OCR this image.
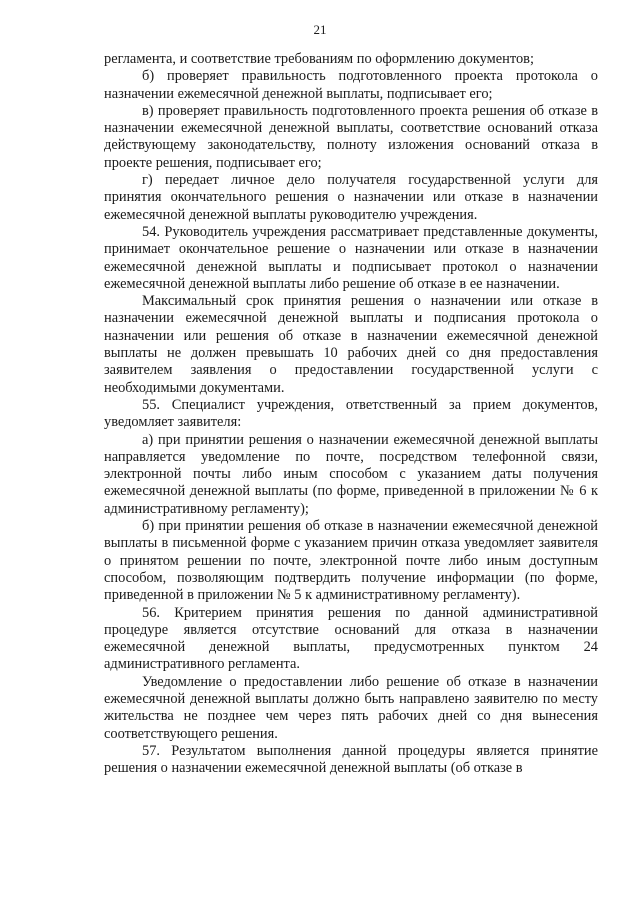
21

регламента, и соответствие требованиям по оформлению документов;

б) проверяет правильность подготовленного проекта протокола о назначении ежемесячной денежной выплаты, подписывает его;

в) проверяет правильность подготовленного проекта решения об отказе в назначении ежемесячной денежной выплаты, соответствие оснований отказа действующему законодательству, полноту изложения оснований отказа в проекте решения, подписывает его;

г) передает личное дело получателя государственной услуги для принятия окончательного решения о назначении или отказе в назначении ежемесячной денежной выплаты руководителю учреждения.

54. Руководитель учреждения рассматривает представленные документы, принимает окончательное решение о назначении или отказе в назначении ежемесячной денежной выплаты и подписывает протокол о назначении ежемесячной денежной выплаты либо решение об отказе в ее назначении.

Максимальный срок принятия решения о назначении или отказе в назначении ежемесячной денежной выплаты и подписания протокола о назначении или решения об отказе в назначении ежемесячной денежной выплаты не должен превышать 10 рабочих дней со дня предоставления заявителем заявления о предоставлении государственной услуги с необходимыми документами.

55. Специалист учреждения, ответственный за прием документов, уведомляет заявителя:

а) при принятии решения о назначении ежемесячной денежной выплаты направляется уведомление по почте, посредством телефонной связи, электронной почты либо иным способом с указанием даты получения ежемесячной денежной выплаты (по форме, приведенной в приложении № 6 к административному регламенту);

б) при принятии решения об отказе в назначении ежемесячной денежной выплаты в письменной форме с указанием причин отказа уведомляет заявителя о принятом решении по почте, электронной почте либо иным доступным способом, позволяющим подтвердить получение информации (по форме, приведенной в приложении № 5 к административному регламенту).

56. Критерием принятия решения по данной административной процедуре является отсутствие оснований для отказа в назначении ежемесячной денежной выплаты, предусмотренных пунктом 24 административного регламента.

Уведомление о предоставлении либо решение об отказе в назначении ежемесячной денежной выплаты должно быть направлено заявителю по месту жительства не позднее чем через пять рабочих дней со дня вынесения соответствующего решения.

57. Результатом выполнения данной процедуры является принятие решения о назначении ежемесячной денежной выплаты (об отказе в
